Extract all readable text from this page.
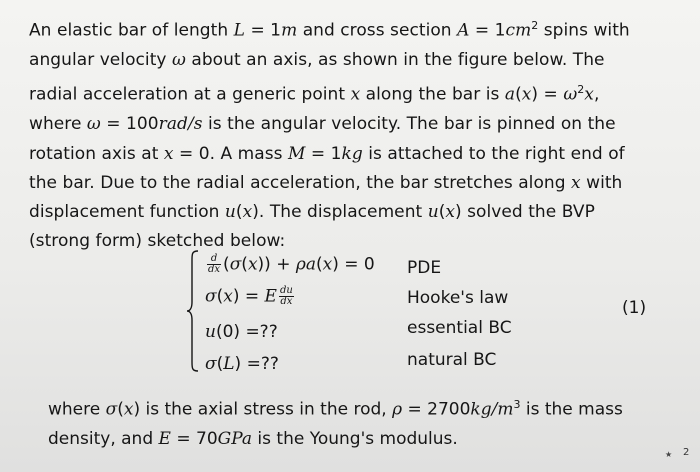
An elastic bar of length L = 1m and cross section $A = 1cm^2$ spins with
angular velocity ω about an axis, as shown in the figure below. The
radial acceleration at a generic point x along the bar is $a(x) = \omega^2x$,
where ω = 100rad/s is the angular velocity. The bar is pinned on the
rotation axis at x = 0. A mass M = 1kg is attached to the right end of
the bar. Due to the radial acceleration, the bar stretches along x with
displacement function u(x). The displacement u(x) solved the BVP
(strong form) sketched below:
$\frac{d}{dx} (\sigma(x)) + \rho a(x) = 0$ PDE
σ(x) = E $\frac{du}{dx}$	Hooke's law
u(0) =??	essential BC
σ(L) =??	natural BC
(1)
where σ(x) is the axial stress in the rod, $\rho = 2700kg/m^3$ is the mass
density, and E = 70GPa is the Young's modulus.
★ 2
